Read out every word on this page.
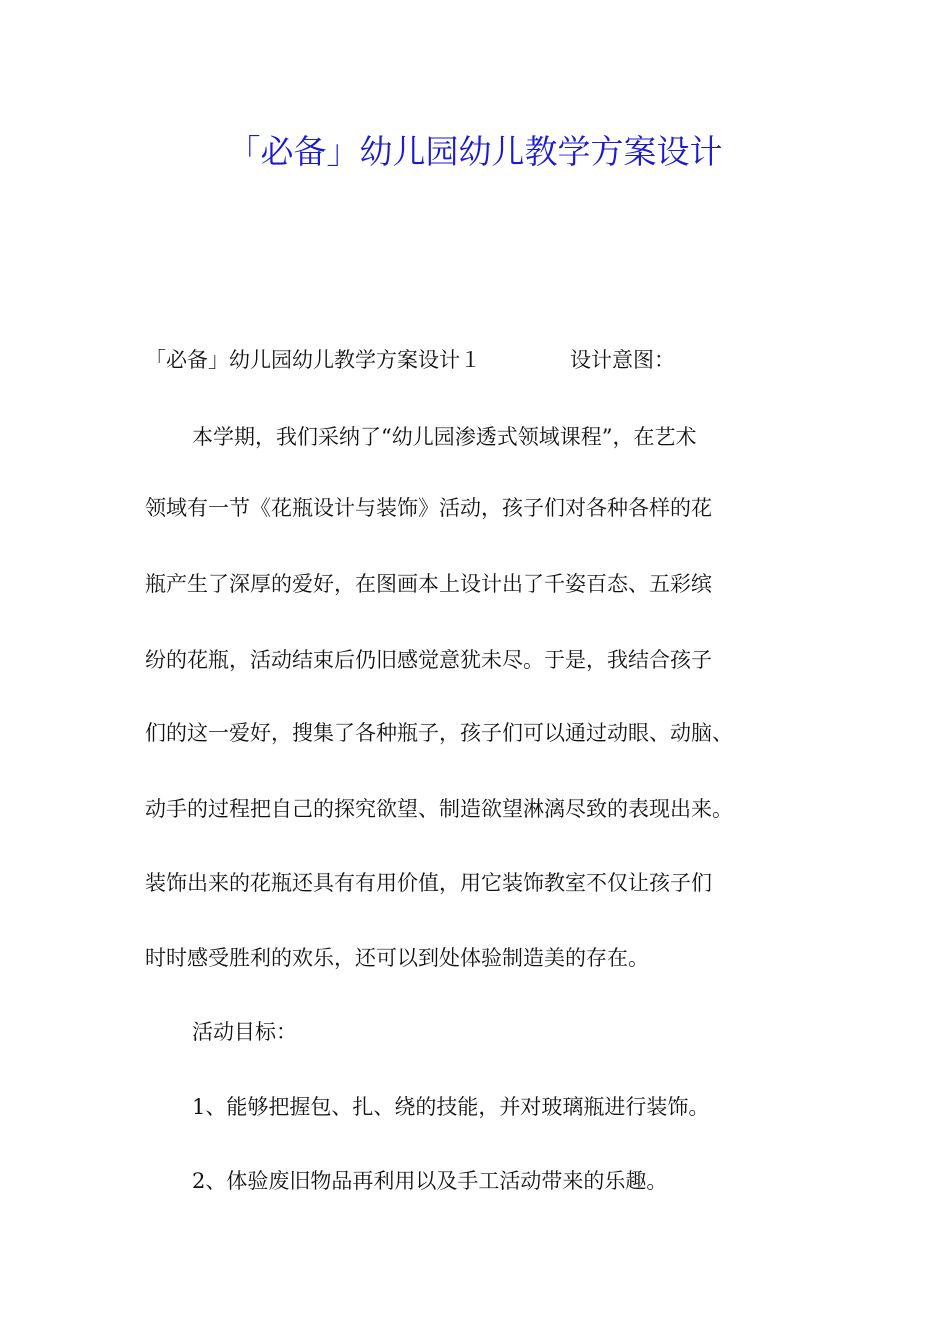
「必备」幼儿园幼儿教学方案设计

「必备」幼儿园幼儿教学方案设计１	设计意图：

本学期，我们采纳了“幼儿园渗透式领域课程”，在艺术

领域有一节《花瓶设计与装饰》活动，孩子们对各种各样的花

瓶产生了深厚的爱好，在图画本上设计出了千姿百态、五彩缤

纷的花瓶，活动结束后仍旧感觉意犹未尽。于是，我结合孩子

们的这一爱好，搜集了各种瓶子，孩子们可以通过动眼、动脑、

动手的过程把自己的探究欲望、制造欲望淋漓尽致的表现出来。

装饰出来的花瓶还具有有用价值，用它装饰教室不仅让孩子们

时时感受胜利的欢乐，还可以到处体验制造美的存在。

活动目标：

1、能够把握包、扎、绕的技能，并对玻璃瓶进行装饰。

2、体验废旧物品再利用以及手工活动带来的乐趣。
